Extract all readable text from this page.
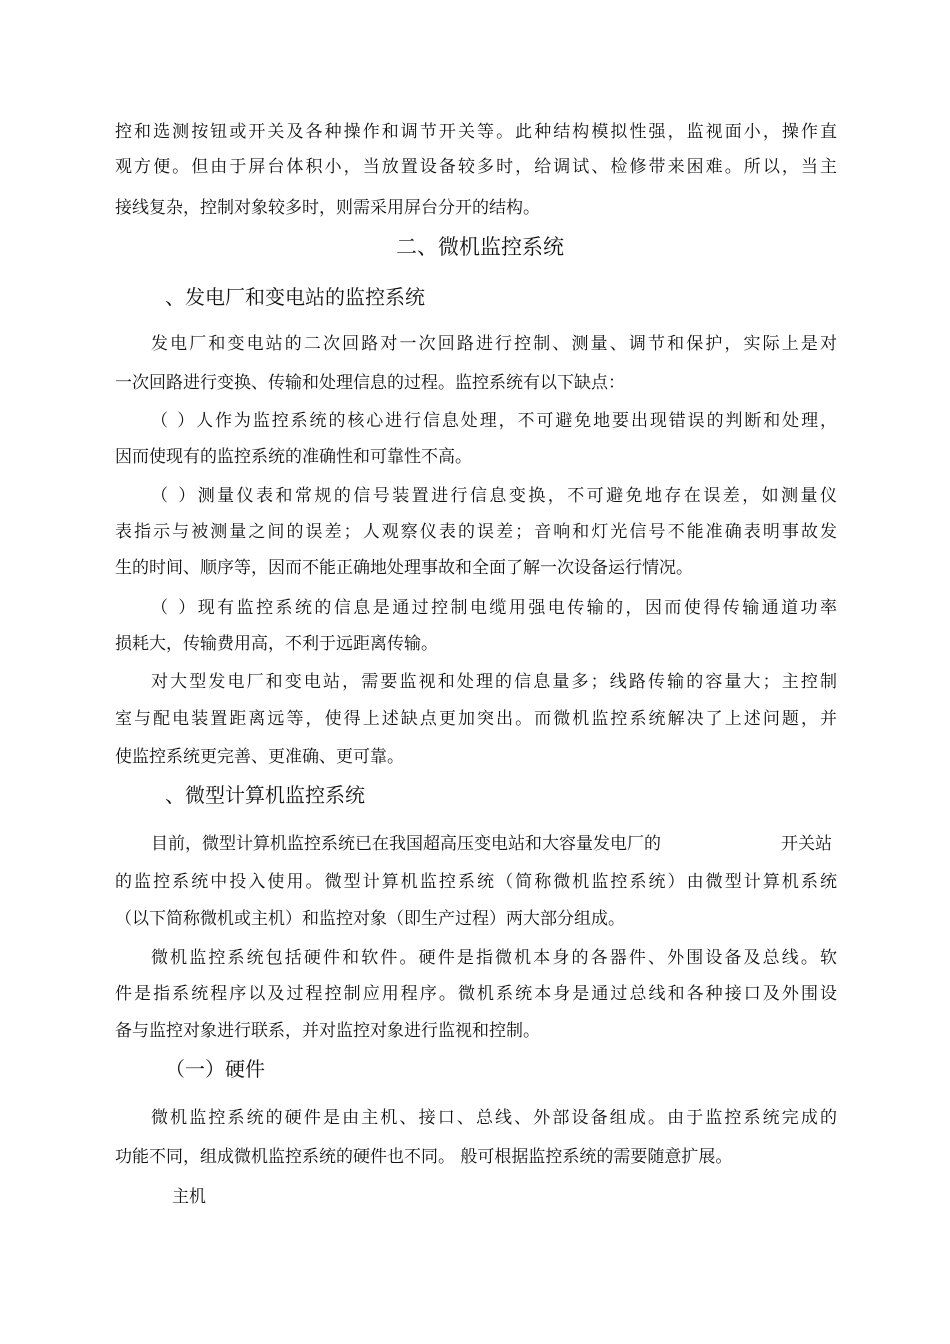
控和选测按钮或开关及各种操作和调节开关等。此种结构模拟性强，监视面小，操作直
观方便。但由于屏台体积小，当放置设备较多时，给调试、检修带来困难。所以，当主
接线复杂，控制对象较多时，则需采用屏台分开的结构。
二、微机监控系统
、发电厂和变电站的监控系统
发电厂和变电站的二次回路对一次回路进行控制、测量、调节和保护，实际上是对
一次回路进行变换、传输和处理信息的过程。监控系统有以下缺点：
（ ）人作为监控系统的核心进行信息处理，不可避免地要出现错误的判断和处理，
因而使现有的监控系统的准确性和可靠性不高。
（ ）测量仪表和常规的信号装置进行信息变换，不可避免地存在误差，如测量仪
表指示与被测量之间的误差；人观察仪表的误差；音响和灯光信号不能准确表明事故发
生的时间、顺序等，因而不能正确地处理事故和全面了解一次设备运行情况。
（ ）现有监控系统的信息是通过控制电缆用强电传输的，因而使得传输通道功率
损耗大，传输费用高，不利于远距离传输。
对大型发电厂和变电站，需要监视和处理的信息量多；线路传输的容量大；主控制
室与配电装置距离远等，使得上述缺点更加突出。而微机监控系统解决了上述问题，并
使监控系统更完善、更准确、更可靠。
、微型计算机监控系统
目前，微型计算机监控系统已在我国超高压变电站和大容量发电厂的	开关站
的监控系统中投入使用。微型计算机监控系统（简称微机监控系统）由微型计算机系统
（以下简称微机或主机）和监控对象（即生产过程）两大部分组成。
微机监控系统包括硬件和软件。硬件是指微机本身的各器件、外围设备及总线。软
件是指系统程序以及过程控制应用程序。微机系统本身是通过总线和各种接口及外围设
备与监控对象进行联系，并对监控对象进行监视和控制。
（一）硬件
微机监控系统的硬件是由主机、接口、总线、外部设备组成。由于监控系统完成的
功能不同，组成微机监控系统的硬件也不同。 般可根据监控系统的需要随意扩展。
主机
